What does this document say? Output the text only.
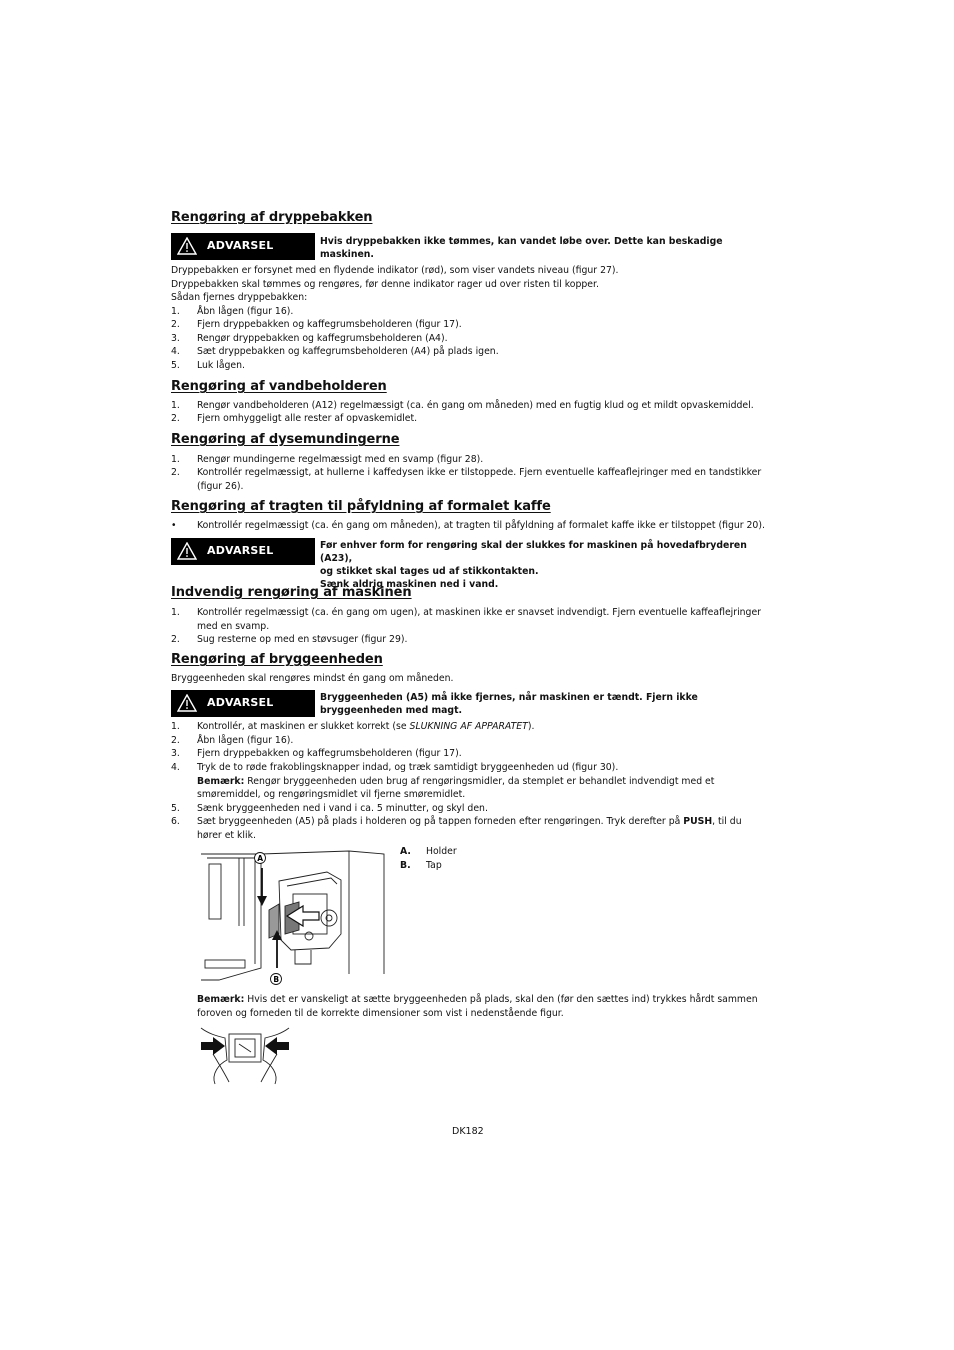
Rengøring af dryppebakken
ADVARSEL	Hvis dryppebakken ikke tømmes, kan vandet løbe over. Dette kan beskadige maskinen.

Dryppebakken er forsynet med en flydende indikator (rød), som viser vandets niveau (figur 27).

Dryppebakken skal tømmes og rengøres, før denne indikator rager ud over risten til kopper.

Sådan fjernes dryppebakken:

1. Åbn lågen (figur 16).
2. Fjern dryppebakken og kaffegrumsbeholderen (figur 17).
3. Rengør dryppebakken og kaffegrumsbeholderen (A4).
4. Sæt dryppebakken og kaffegrumsbeholderen (A4) på plads igen.
5. Luk lågen.
Rengøring af vandbeholderen
1. Rengør vandbeholderen (A12) regelmæssigt (ca. én gang om måneden) med en fugtig klud og et mildt opvaskemiddel.
2. Fjern omhyggeligt alle rester af opvaskemidlet.
Rengøring af dysemundingerne
1. Rengør mundingerne regelmæssigt med en svamp (figur 28).
2. Kontrollér regelmæssigt, at hullerne i kaffedysen ikke er tilstoppede. Fjern eventuelle kaffeaflejringer med en tandstikker (figur 26).
Rengøring af tragten til påfyldning af formalet kaffe
• Kontrollér regelmæssigt (ca. én gang om måneden), at tragten til påfyldning af formalet kaffe ikke er tilstoppet (figur 20).
ADVARSEL	Før enhver form for rengøring skal der slukkes for maskinen på hovedafbryderen (A23),
og stikket skal tages ud af stikkontakten.
Sænk aldrig maskinen ned i vand.
Indvendig rengøring af maskinen
1. Kontrollér regelmæssigt (ca. én gang om ugen), at maskinen ikke er snavset indvendigt. Fjern eventuelle kaffeaflejringer med en svamp.
2. Sug resterne op med en støvsuger (figur 29).
Rengøring af bryggeenheden

Bryggeenheden skal rengøres mindst én gang om måneden.

ADVARSEL	Bryggeenheden (A5) må ikke fjernes, når maskinen er tændt. Fjern ikke bryggeenheden med magt.
1. Kontrollér, at maskinen er slukket korrekt (se SLUKNING AF APPARATET).
2. Åbn lågen (figur 16).
3. Fjern dryppebakken og kaffegrumsbeholderen (figur 17).
4. Tryk de to røde frakoblingsknapper indad, og træk samtidigt bryggeenheden ud (figur 30).
Bemærk: Rengør bryggeenheden uden brug af rengøringsmidler, da stemplet er behandlet indvendigt med et smøremiddel, og rengøringsmidlet vil fjerne smøremidlet.
5. Sænk bryggeenheden ned i vand i ca. 5 minutter, og skyl den.
6. Sæt bryggeenheden (A5) på plads i holderen og på tappen forneden efter rengøringen. Tryk derefter på PUSH, til du hører et klik.
A
B
A. Holder
B. Tap
Bemærk: Hvis det er vanskeligt at sætte bryggeenheden på plads, skal den (før den sættes ind) trykkes hårdt sammen foroven og forneden til de korrekte dimensioner som vist i nedenstående figur.
DK182
